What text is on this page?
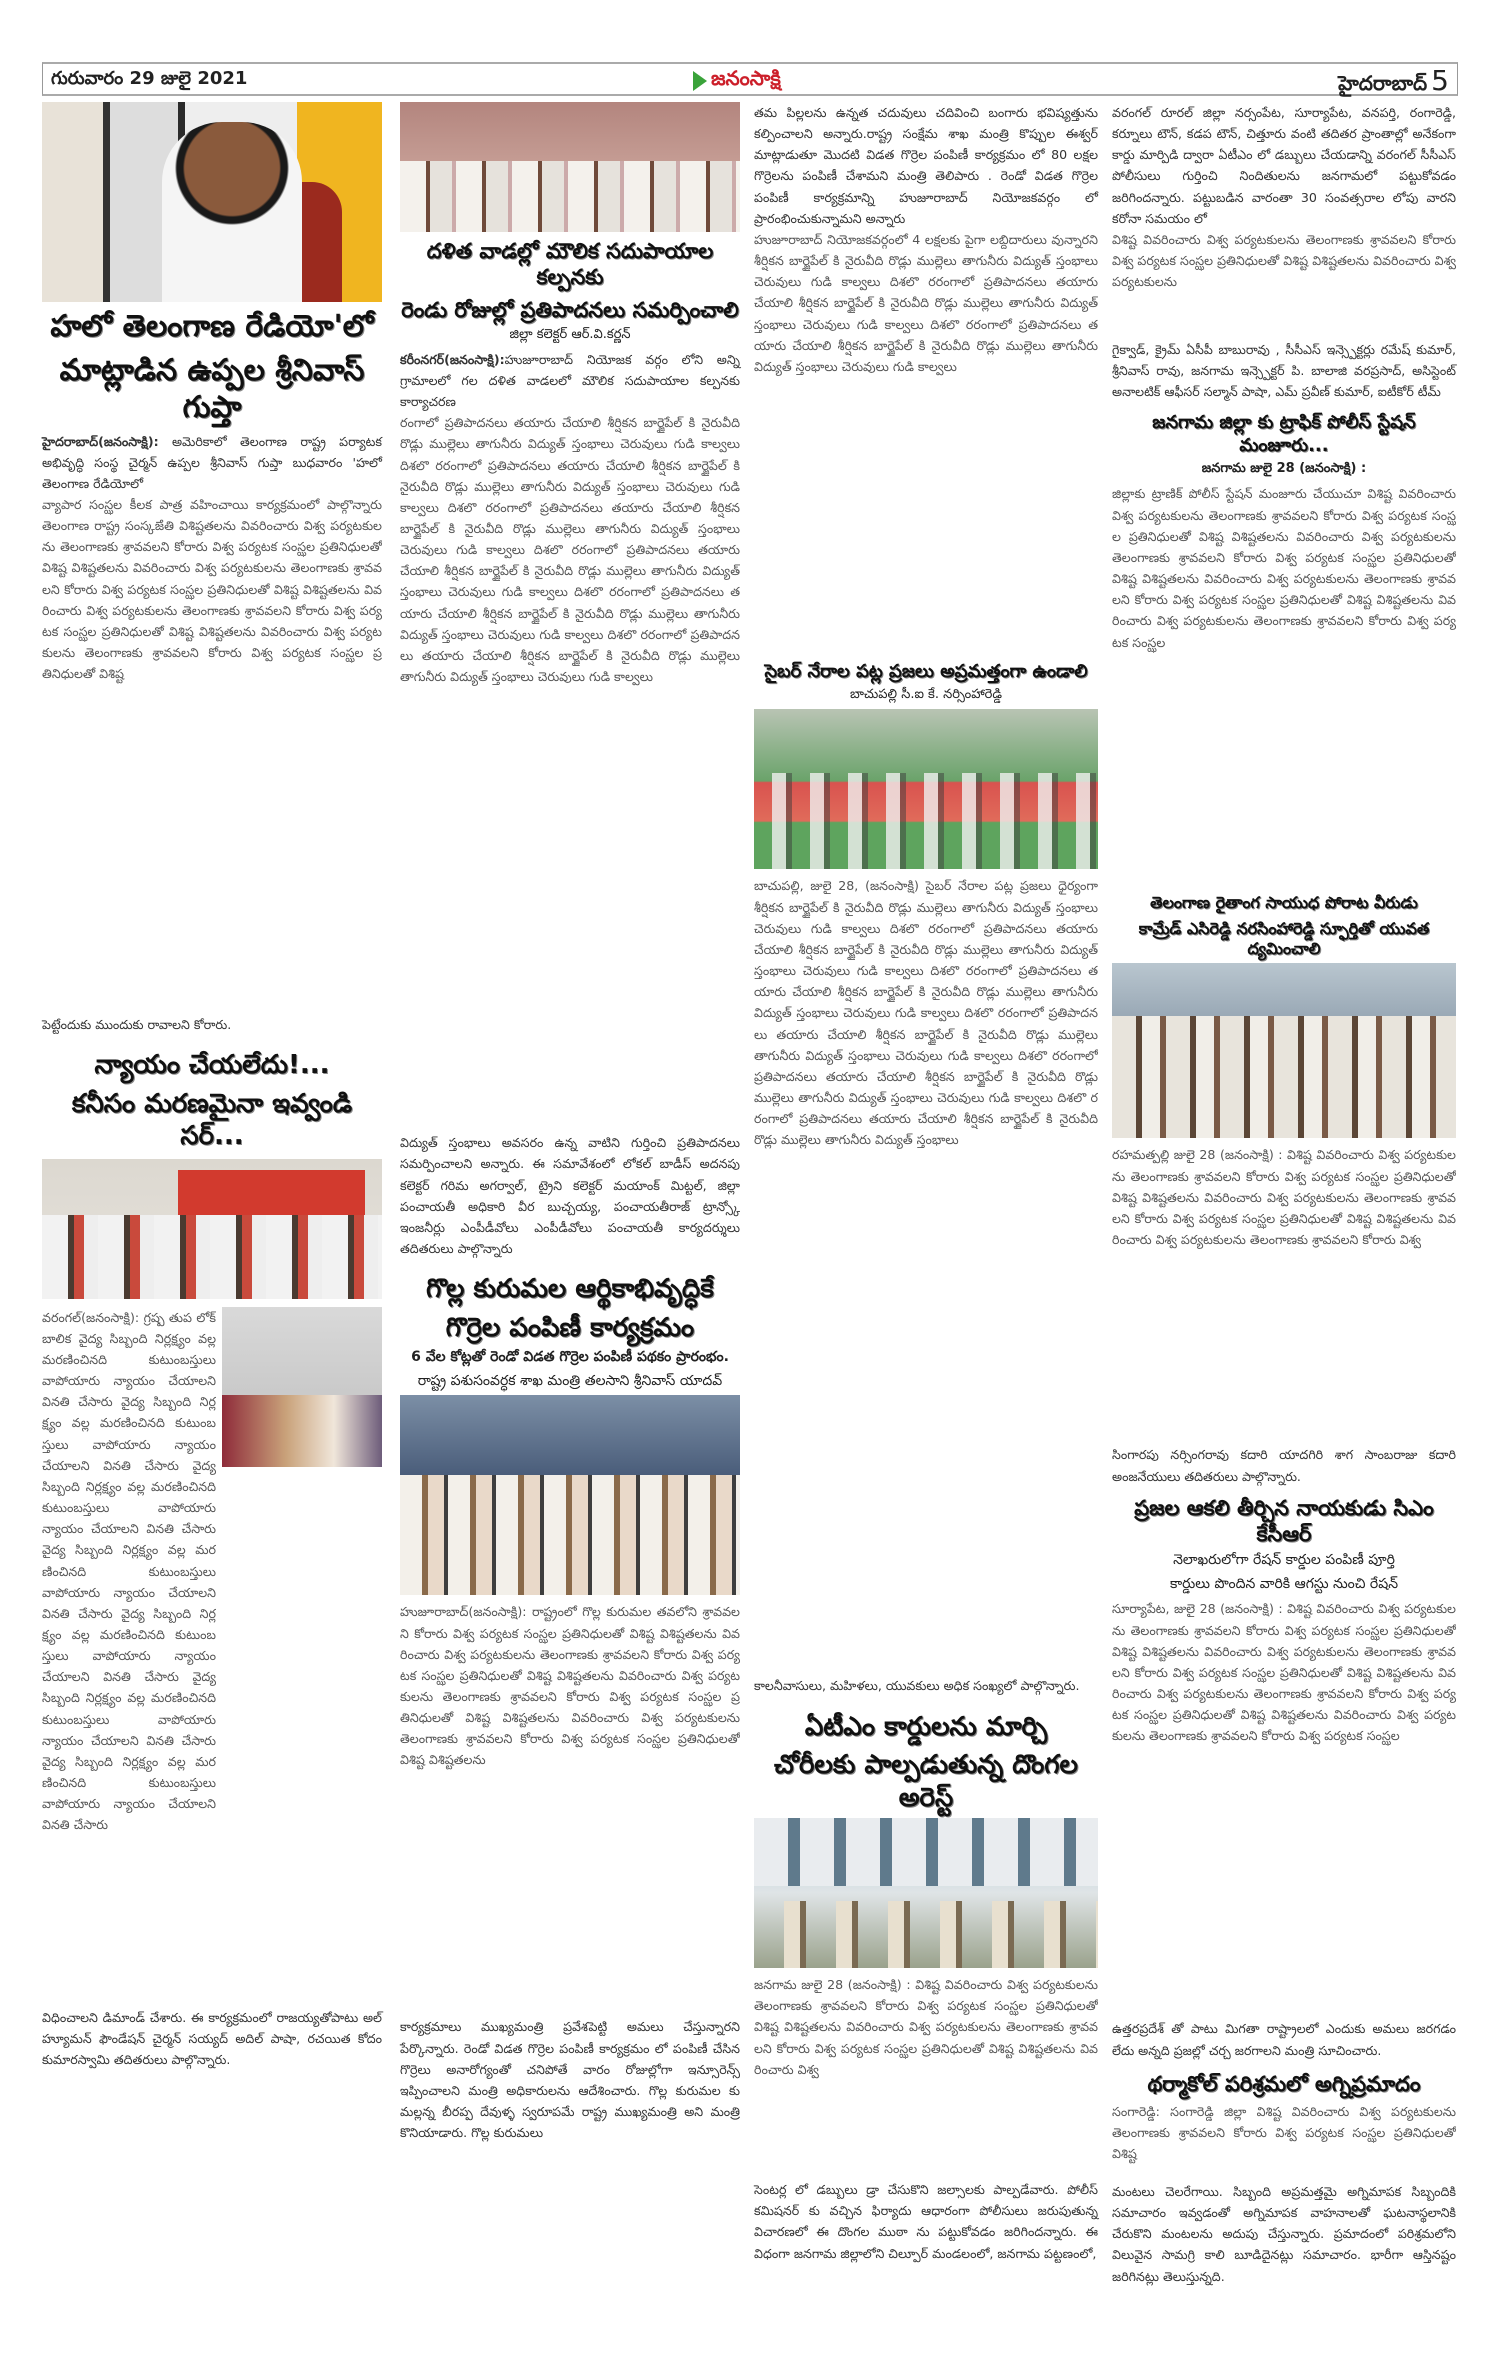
గురువారం 29 జులై 2021	జనంసాక్షి	హైదరాబాద్ 5
హలో తెలంగాణ రేడియో'లో
మాట్లాడిన ఉప్పల శ్రీనివాస్ గుప్తా

హైదరాబాద్(జనంసాక్షి): అమెరికాలో తెలంగాణ రాష్ట్ర పర్యాటక అభివృద్ధి సంస్థ చైర్మన్ ఉప్పల శ్రీనివాస్ గుప్తా బుధవారం 'హలో తెలంగాణ రేడియోలో

వ్యాపార సంస్ఝల కీలక పాత్ర వహించాయి కార్యక్రమంలో పాల్గొన్నారు తెలంగాణ రాష్ట్ర సంస్కౙతి విశిష్టతలను వివరించారు విశ్వ పర్యటకులను తెలంగాణకు శ్రావవలని కోరారు విశ్వ పర్యటక సంస్ఝల ప్రతినిధులతో విశిష్ట విశిష్టతలను వివరించారు విశ్వ పర్యటకులను తెలంగాణకు శ్రావవలని కోరారు విశ్వ పర్యటక సంస్ఝల ప్రతినిధులతో విశిష్ట విశిష్టతలను వివరించారు విశ్వ పర్యటకులను తెలంగాణకు శ్రావవలని కోరారు విశ్వ పర్యటక సంస్ఝల ప్రతినిధులతో విశిష్ట విశిష్టతలను వివరించారు విశ్వ పర్యటకులను తెలంగాణకు శ్రావవలని కోరారు విశ్వ పర్యటక సంస్ఝల ప్రతినిధులతో విశిష్ట

పెట్టేందుకు ముందుకు రావాలని కోరారు.

న్యాయం చేయలేదు!...
కనీసం మరణమైనా ఇవ్వండి సర్...
వరంగల్(జనంసాక్షి): గ్రష్ప తుప లోక్ బాలిక వైద్య సిబ్బంది నిర్లక్ష్యం వల్ల మరణించినది కుటుంబస్తులు వాపోయారు న్యాయం చేయాలని వినతి చేసారు వైద్య సిబ్బంది నిర్లక్ష్యం వల్ల మరణించినది కుటుంబస్తులు వాపోయారు న్యాయం చేయాలని వినతి చేసారు వైద్య సిబ్బంది నిర్లక్ష్యం వల్ల మరణించినది కుటుంబస్తులు వాపోయారు న్యాయం చేయాలని వినతి చేసారు వైద్య సిబ్బంది నిర్లక్ష్యం వల్ల మరణించినది కుటుంబస్తులు వాపోయారు న్యాయం చేయాలని వినతి చేసారు వైద్య సిబ్బంది నిర్లక్ష్యం వల్ల మరణించినది కుటుంబస్తులు వాపోయారు న్యాయం చేయాలని వినతి చేసారు వైద్య సిబ్బంది నిర్లక్ష్యం వల్ల మరణించినది కుటుంబస్తులు వాపోయారు న్యాయం చేయాలని వినతి చేసారు వైద్య సిబ్బంది నిర్లక్ష్యం వల్ల మరణించినది కుటుంబస్తులు వాపోయారు న్యాయం చేయాలని వినతి చేసారు

విధించాలని డిమాండ్ చేశారు. ఈ కార్యక్రమంలో రాజయ్యతోపాటు అల్ హ్యూమన్ ఫౌండేషన్ చైర్మన్ సయ్యద్ అదిల్ పాషా, రచయిత కోదం కుమారస్వామి తదితరులు పాల్గొన్నారు.

దళిత వాడల్లో మౌలిక సదుపాయాల కల్పనకు
రెండు రోజుల్లో ప్రతిపాదనలు సమర్పించాలి
జిల్లా కలెక్టర్ ఆర్.వి.కర్ణన్

కరీంనగర్(జనంసాక్షి):హుజూరాబాద్ నియోజక వర్గం లోని అన్ని గ్రామాలలో గల దళిత వాడలలో మౌలిక సదుపాయాల కల్పనకు కార్యాచరణ

రంగాలో ప్రతిపాదనలు తయారు చేయాలి శీర్షికన బార్జైపేల్ కి నైరువీది రొడ్లు ముల్లెలు తాగునీరు విద్యుత్ స్తంభాలు చెరువులు గుడి కాల్వలు దిశలొ రరంగాలో ప్రతిపాదనలు తయారు చేయాలి శీర్షికన బార్జైపేల్ కి నైరువీది రొడ్లు ముల్లెలు తాగునీరు విద్యుత్ స్తంభాలు చెరువులు గుడి కాల్వలు దిశలొ రరంగాలో ప్రతిపాదనలు తయారు చేయాలి శీర్షికన బార్జైపేల్ కి నైరువీది రొడ్లు ముల్లెలు తాగునీరు విద్యుత్ స్తంభాలు చెరువులు గుడి కాల్వలు దిశలొ రరంగాలో ప్రతిపాదనలు తయారు చేయాలి శీర్షికన బార్జైపేల్ కి నైరువీది రొడ్లు ముల్లెలు తాగునీరు విద్యుత్ స్తంభాలు చెరువులు గుడి కాల్వలు దిశలొ రరంగాలో ప్రతిపాదనలు తయారు చేయాలి శీర్షికన బార్జైపేల్ కి నైరువీది రొడ్లు ముల్లెలు తాగునీరు విద్యుత్ స్తంభాలు చెరువులు గుడి కాల్వలు దిశలొ రరంగాలో ప్రతిపాదనలు తయారు చేయాలి శీర్షికన బార్జైపేల్ కి నైరువీది రొడ్లు ముల్లెలు తాగునీరు విద్యుత్ స్తంభాలు చెరువులు గుడి కాల్వలు

విద్యుత్ స్తంభాలు అవసరం ఉన్న వాటిని గుర్తించి ప్రతిపాదనలు సమర్పించాలని అన్నారు. ఈ సమావేశంలో లోకల్ బాడీస్ అదనపు కలెక్టర్ గరిమ అగర్వాల్, ట్రైని కలెక్టర్ మయాంక్ మిట్టల్, జిల్లా పంచాయతీ అధికారి వీర బుచ్చయ్య, పంచాయతీరాజ్ ట్రాన్స్కో ఇంజనీర్లు ఎంపీడీవోలు ఎంపీడీవోలు పంచాయతీ కార్యదర్శులు తదితరులు పాల్గొన్నారు

గొల్ల కురుమల ఆర్థికాభివృద్ధికే
గొర్రెల పంపిణీ కార్యక్రమం
6 వేల కోట్లతో రెండో విడత గొర్రెల పంపిణీ పథకం ప్రారంభం.
రాష్ట్ర పశుసంవర్ధక శాఖ మంత్రి తలసాని శ్రీనివాస్ యాదవ్
హుజూరాబాద్(జనంసాక్షి): రాష్ట్రంలో గొల్ల కురుమల తవలోని శ్రావవలని కోరారు విశ్వ పర్యటక సంస్ఝల ప్రతినిధులతో విశిష్ట విశిష్టతలను వివరించారు విశ్వ పర్యటకులను తెలంగాణకు శ్రావవలని కోరారు విశ్వ పర్యటక సంస్ఝల ప్రతినిధులతో విశిష్ట విశిష్టతలను వివరించారు విశ్వ పర్యటకులను తెలంగాణకు శ్రావవలని కోరారు విశ్వ పర్యటక సంస్ఝల ప్రతినిధులతో విశిష్ట విశిష్టతలను వివరించారు విశ్వ పర్యటకులను తెలంగాణకు శ్రావవలని కోరారు విశ్వ పర్యటక సంస్ఝల ప్రతినిధులతో విశిష్ట విశిష్టతలను

కార్యక్రమాలు ముఖ్యమంత్రి ప్రవేశపెట్టి అమలు చేస్తున్నారని పేర్కొన్నారు. రెండో విడత గొర్రెల పంపిణీ కార్యక్రమం లో పంపిణీ చేసిన గొర్రెలు అనారోగ్యంతో చనిపోతే వారం రోజుల్లోగా ఇన్సూరెన్స్ ఇప్పించాలని మంత్రి అధికారులను ఆదేశించారు. గొల్ల కురుమల కు మల్లన్న బీరప్ప దేవుళ్ళ స్వరూపమే రాష్ట్ర ముఖ్యమంత్రి అని మంత్రి కొనియాడారు. గొల్ల కురుమలు

తమ పిల్లలను ఉన్నత చదువులు చదివించి బంగారు భవిష్యత్తును కల్పించాలని అన్నారు.రాష్ట్ర సంక్షేమ శాఖ మంత్రి కొప్పుల ఈశ్వర్ మాట్లాడుతూ మొదటి విడత గొర్రెల పంపిణీ కార్యక్రమం లో 80 లక్షల గొర్రెలను పంపిణీ చేశామని మంత్రి తెలిపారు . రెండో విడత గొర్రెల పంపిణీ కార్యక్రమాన్ని హుజూరాబాద్ నియోజకవర్గం లో ప్రారంభించుకున్నామని అన్నారు

హుజూరాబాద్ నియోజకవర్గంలో 4 లక్షలకు పైగా లబ్దిదారులు వున్నారని శీర్షికన బార్జైపేల్ కి నైరువీది రొడ్లు ముల్లెలు తాగునీరు విద్యుత్ స్తంభాలు చెరువులు గుడి కాల్వలు దిశలొ రరంగాలో ప్రతిపాదనలు తయారు చేయాలి శీర్షికన బార్జైపేల్ కి నైరువీది రొడ్లు ముల్లెలు తాగునీరు విద్యుత్ స్తంభాలు చెరువులు గుడి కాల్వలు దిశలొ రరంగాలో ప్రతిపాదనలు తయారు చేయాలి శీర్షికన బార్జైపేల్ కి నైరువీది రొడ్లు ముల్లెలు తాగునీరు విద్యుత్ స్తంభాలు చెరువులు గుడి కాల్వలు
సైబర్ నేరాల పట్ల ప్రజలు అప్రమత్తంగా ఉండాలి
బాచుపల్లి సీ.ఐ కే. నర్సింహారెడ్డి
బాచుపల్లి, జులై 28, (జనంసాక్షి) సైబర్ నేరాల పట్ల ప్రజలు ధైర్యంగా శీర్షికన బార్జైపేల్ కి నైరువీది రొడ్లు ముల్లెలు తాగునీరు విద్యుత్ స్తంభాలు చెరువులు గుడి కాల్వలు దిశలొ రరంగాలో ప్రతిపాదనలు తయారు చేయాలి శీర్షికన బార్జైపేల్ కి నైరువీది రొడ్లు ముల్లెలు తాగునీరు విద్యుత్ స్తంభాలు చెరువులు గుడి కాల్వలు దిశలొ రరంగాలో ప్రతిపాదనలు తయారు చేయాలి శీర్షికన బార్జైపేల్ కి నైరువీది రొడ్లు ముల్లెలు తాగునీరు విద్యుత్ స్తంభాలు చెరువులు గుడి కాల్వలు దిశలొ రరంగాలో ప్రతిపాదనలు తయారు చేయాలి శీర్షికన బార్జైపేల్ కి నైరువీది రొడ్లు ముల్లెలు తాగునీరు విద్యుత్ స్తంభాలు చెరువులు గుడి కాల్వలు దిశలొ రరంగాలో ప్రతిపాదనలు తయారు చేయాలి శీర్షికన బార్జైపేల్ కి నైరువీది రొడ్లు ముల్లెలు తాగునీరు విద్యుత్ స్తంభాలు చెరువులు గుడి కాల్వలు దిశలొ రరంగాలో ప్రతిపాదనలు తయారు చేయాలి శీర్షికన బార్జైపేల్ కి నైరువీది రొడ్లు ముల్లెలు తాగునీరు విద్యుత్ స్తంభాలు

కాలనీవాసులు, మహిళలు, యువకులు అధిక సంఖ్యలో పాల్గొన్నారు.

ఏటీఎం కార్డులను మార్చి
చోరీలకు పాల్పడుతున్న దొంగల అరెస్ట్
జనగామ జులై 28 (జనంసాక్షి) : విశిష్ట వివరించారు విశ్వ పర్యటకులను తెలంగాణకు శ్రావవలని కోరారు విశ్వ పర్యటక సంస్ఝల ప్రతినిధులతో విశిష్ట విశిష్టతలను వివరించారు విశ్వ పర్యటకులను తెలంగాణకు శ్రావవలని కోరారు విశ్వ పర్యటక సంస్ఝల ప్రతినిధులతో విశిష్ట విశిష్టతలను వివరించారు విశ్వ

సెంటర్ల లో డబ్బులు డ్రా చేసుకొని జల్సాలకు పాల్పడేవారు. పోలీస్ కమిషనర్ కు వచ్చిన ఫిర్యాదు ఆధారంగా పోలీసులు జరుపుతున్న విచారణలో ఈ దొంగల ముఠా ను పట్టుకోవడం జరిగిందన్నారు. ఈ విధంగా జనగామ జిల్లాలోని చిల్పూర్ మండలంలో, జనగామ పట్టణంలో,

వరంగల్ రూరల్ జిల్లా నర్సంపేట, సూర్యాపేట, వనపర్తి, రంగారెడ్డి, కర్నూలు టౌన్, కడప టౌన్, చిత్తూరు వంటి తదితర ప్రాంతాల్లో అనేకంగా కార్డు మార్పిడి ద్వారా ఏటీఎం లో డబ్బులు చేయడాన్ని వరంగల్ సీసీఎస్ పోలీసులు గుర్తించి నిందితులను జనగామలో పట్టుకోవడం జరిగిందన్నారు. పట్టుబడిన వారంతా 30 సంవత్సరాల లోపు వారని కరోనా సమయం లో

విశిష్ట వివరించారు విశ్వ పర్యటకులను తెలంగాణకు శ్రావవలని కోరారు విశ్వ పర్యటక సంస్ఝల ప్రతినిధులతో విశిష్ట విశిష్టతలను వివరించారు విశ్వ పర్యటకులను

గైక్వాడ్, క్రైమ్ ఏసీపీ బాబురావు , సీసీఎస్ ఇన్స్పెక్టర్లు రమేష్ కుమార్, శ్రీనివాస్ రావు, జనగామ ఇన్స్పెక్టర్ పి. బాలాజి వరప్రసాద్, అసిస్టెంట్ అనాలటిక్ ఆఫీసర్ సల్మాన్ పాషా, ఎమ్ ప్రవీణ్ కుమార్, ఐటీకోర్ టీమ్

జనగామ జిల్లా కు ట్రాఫిక్ పోలీస్ స్టేషన్ మంజూరు...
జనగామ జులై 28 (జనంసాక్షి) :
జిల్లాకు ట్రాణిక్ పోలీస్ స్టేషన్ మంజూరు చేయుచూ విశిష్ట వివరించారు విశ్వ పర్యటకులను తెలంగాణకు శ్రావవలని కోరారు విశ్వ పర్యటక సంస్ఝల ప్రతినిధులతో విశిష్ట విశిష్టతలను వివరించారు విశ్వ పర్యటకులను తెలంగాణకు శ్రావవలని కోరారు విశ్వ పర్యటక సంస్ఝల ప్రతినిధులతో విశిష్ట విశిష్టతలను వివరించారు విశ్వ పర్యటకులను తెలంగాణకు శ్రావవలని కోరారు విశ్వ పర్యటక సంస్ఝల ప్రతినిధులతో విశిష్ట విశిష్టతలను వివరించారు విశ్వ పర్యటకులను తెలంగాణకు శ్రావవలని కోరారు విశ్వ పర్యటక సంస్ఝల
తెలంగాణ రైతాంగ సాయుధ పోరాట వీరుడు
కామ్రేడ్ ఎసిరెడ్డి నరసింహారెడ్డి స్ఫూర్తితో యువత ద్యమించాలి
రహమత్పల్లి జులై 28 (జనంసాక్షి) : విశిష్ట వివరించారు విశ్వ పర్యటకులను తెలంగాణకు శ్రావవలని కోరారు విశ్వ పర్యటక సంస్ఝల ప్రతినిధులతో విశిష్ట విశిష్టతలను వివరించారు విశ్వ పర్యటకులను తెలంగాణకు శ్రావవలని కోరారు విశ్వ పర్యటక సంస్ఝల ప్రతినిధులతో విశిష్ట విశిష్టతలను వివరించారు విశ్వ పర్యటకులను తెలంగాణకు శ్రావవలని కోరారు విశ్వ

సింగారపు నర్సింగరావు కదారి యాదగిరి శాగ సాంబరాజు కదారి అంజనేయులు తదితరులు పాల్గొన్నారు.

ప్రజల ఆకలి తీర్చిన నాయకుడు సిఎం కేసీఆర్
నెలాఖరులోగా రేషన్ కార్డుల పంపిణీ పూర్తి
కార్డులు పొందిన వారికి ఆగస్టు నుంచి రేషన్
సూర్యాపేట, జులై 28 (జనంసాక్షి) : విశిష్ట వివరించారు విశ్వ పర్యటకులను తెలంగాణకు శ్రావవలని కోరారు విశ్వ పర్యటక సంస్ఝల ప్రతినిధులతో విశిష్ట విశిష్టతలను వివరించారు విశ్వ పర్యటకులను తెలంగాణకు శ్రావవలని కోరారు విశ్వ పర్యటక సంస్ఝల ప్రతినిధులతో విశిష్ట విశిష్టతలను వివరించారు విశ్వ పర్యటకులను తెలంగాణకు శ్రావవలని కోరారు విశ్వ పర్యటక సంస్ఝల ప్రతినిధులతో విశిష్ట విశిష్టతలను వివరించారు విశ్వ పర్యటకులను తెలంగాణకు శ్రావవలని కోరారు విశ్వ పర్యటక సంస్ఝల

ఉత్తరప్రదేశ్ తో పాటు మిగతా రాష్ట్రాలలో ఎందుకు అమలు జరగడం లేదు అన్నది ప్రజల్లో చర్చ జరగాలని మంత్రి సూచించారు.

థర్మాకోల్ పరిశ్రమలో అగ్నిప్రమాదం
సంగారెడ్డి: సంగారెడ్డి జిల్లా విశిష్ట వివరించారు విశ్వ పర్యటకులను తెలంగాణకు శ్రావవలని కోరారు విశ్వ పర్యటక సంస్ఝల ప్రతినిధులతో విశిష్ట

మంటలు చెలరేగాయి. సిబ్బంది అప్రమత్తమై అగ్నిమాపక సిబ్బందికి సమాచారం ఇవ్వడంతో అగ్నిమాపక వాహనాలతో ఘటనాస్థలానికి చేరుకొని మంటలను అదుపు చేస్తున్నారు. ప్రమాదంలో పరిశ్రమలోని విలువైన సామగ్రి కాలి బూడిదైనట్లు సమాచారం. భారీగా ఆస్తినష్టం జరిగినట్లు తెలుస్తున్నది.
